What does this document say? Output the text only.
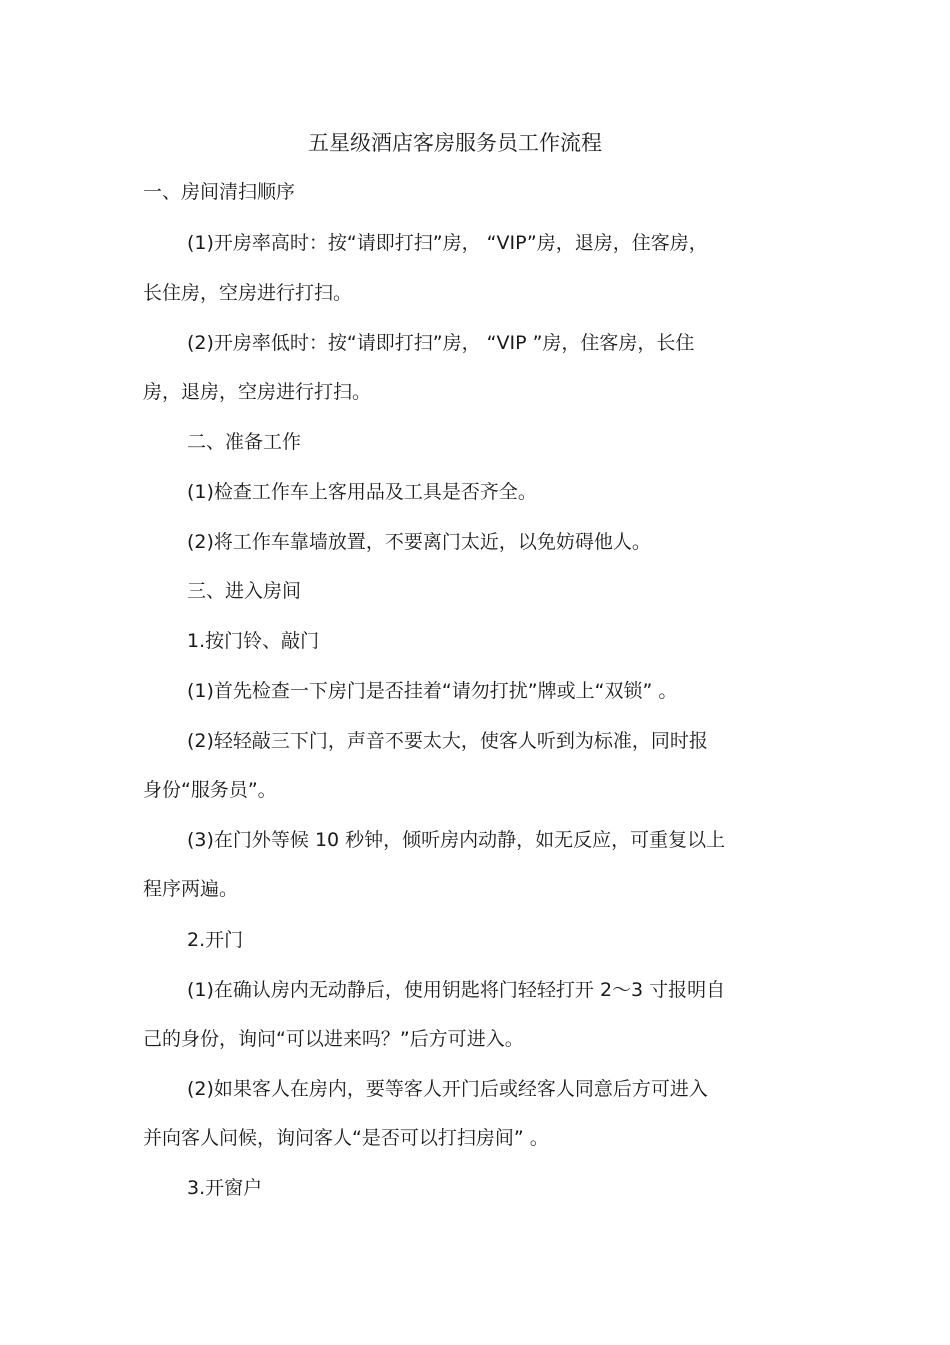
五星级酒店客房服务员工作流程

一、房间清扫顺序

(1)开房率高时：按“请即打扫”房， “VIP”房，退房，住客房，

长住房，空房进行打扫。

(2)开房率低时：按“请即打扫”房， “VIP ”房，住客房，长住

房，退房，空房进行打扫。

二、准备工作

(1)检查工作车上客用品及工具是否齐全。

(2)将工作车靠墙放置，不要离门太近，以免妨碍他人。

三、进入房间

1.按门铃、敲门

(1)首先检查一下房门是否挂着“请勿打扰”牌或上“双锁” 。

(2)轻轻敲三下门，声音不要太大，使客人听到为标准，同时报

身份“服务员”。

(3)在门外等候 10 秒钟，倾听房内动静，如无反应，可重复以上

程序两遍。

2.开门

(1)在确认房内无动静后，使用钥匙将门轻轻打开 2～3 寸报明自

己的身份，询问“可以进来吗？”后方可进入。

(2)如果客人在房内，要等客人开门后或经客人同意后方可进入

并向客人问候，询问客人“是否可以打扫房间” 。

3.开窗户
